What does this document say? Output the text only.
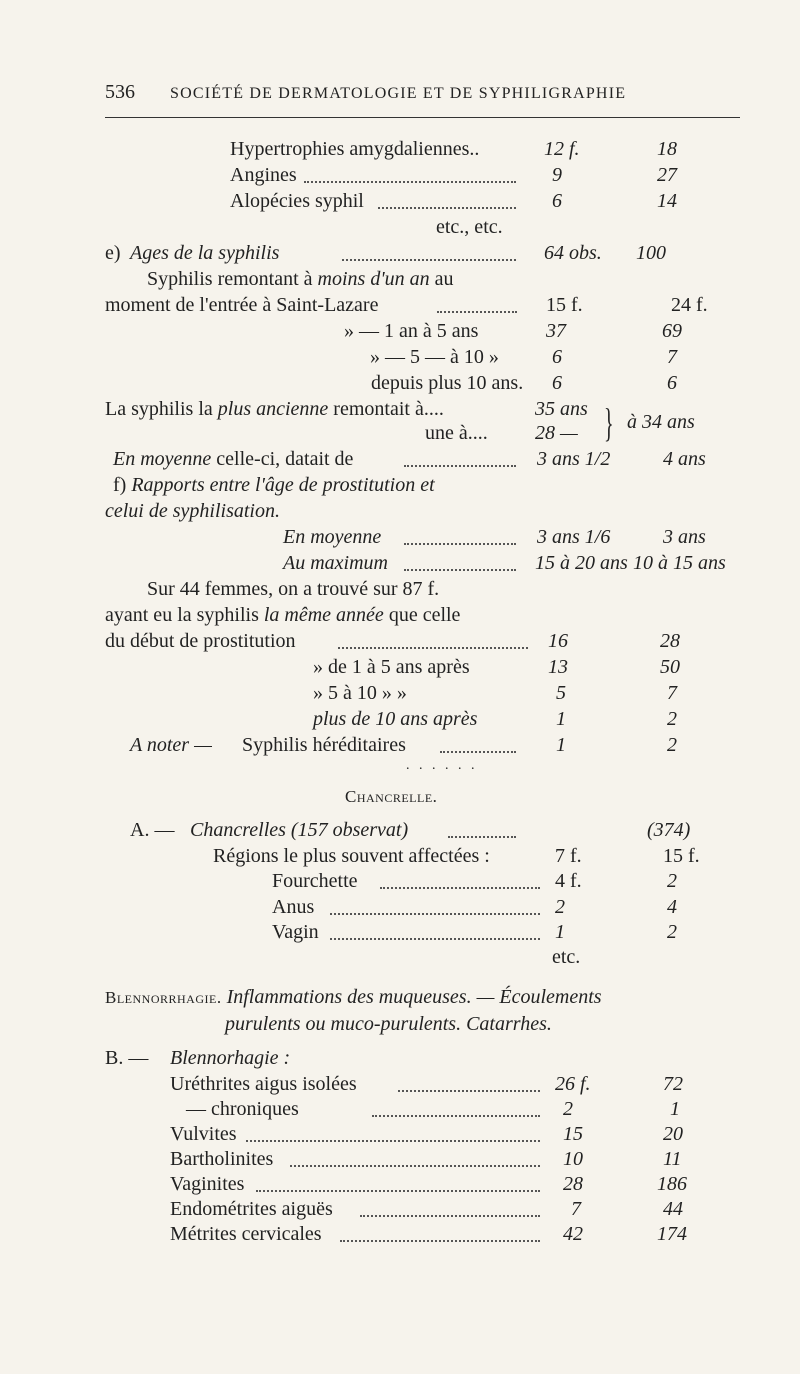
536 SOCIÉTÉ DE DERMATOLOGIE ET DE SYPHILIGRAPHIE
Hypertrophies amygdaliennes..	12 f.	18
Angines	9	27
Alopécies syphil	6	14
etc., etc.
e) Ages de la syphilis	64 obs. 100
Syphilis remontant à moins d'un an au
moment de l'entrée à Saint-Lazare	15 f.	24 f.
» — 1 an à 5 ans	37	69
» — 5 — à 10 »	6	7
depuis plus 10 ans. 6	6
La syphilis la plus ancienne remontait à....	35 ans
une à.... 28 — } à 34 ans
En moyenne celle-ci, datait de	3 ans 1/2	4 ans
f) Rapports entre l'âge de prostitution et
celui de syphilisation.
En moyenne	3 ans 1/6	3 ans
Au maximum	15 à 20 ans 10 à 15 ans
Sur 44 femmes, on a trouvé sur 87 f.
ayant eu la syphilis la même année que celle
du début de prostitution	16	28
» de 1 à 5 ans après	13	50
» 5 à 10 » »	5	7
plus de 10 ans après	1	2
A noter — Syphilis héréditaires	1	2
. . . . . .
Chancrelle.
A. — Chancrelles (157 observat)	(374)
Régions le plus souvent affectées :	7 f.	15 f.
Fourchette	4 f.	2
Anus	2	4
Vagin	1	2
etc.
Blennorrhagie. Inflammations des muqueuses. — Écoulements
purulents ou muco-purulents. Catarrhes.
B. — Blennorhagie :
Uréthrites aigus isolées	26 f.	72
— chroniques	2	1
Vulvites	15	20
Bartholinites	10	11
Vaginites	28	186
Endométrites aiguës	7	44
Métrites cervicales	42	174
